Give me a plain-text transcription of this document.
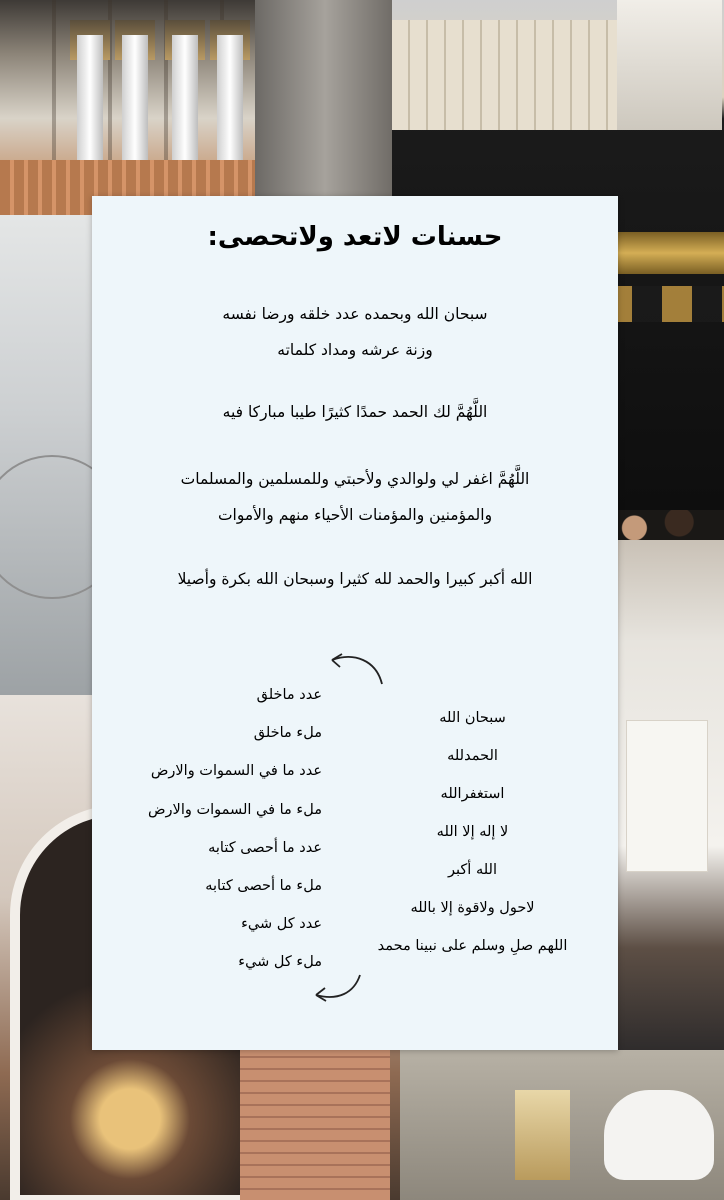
حسنات لاتعد ولاتحصى:
سبحان الله وبحمده عدد خلقه ورضا نفسه
وزنة عرشه ومداد كلماته
اللَّهُمَّ لك الحمد حمدًا كثيرًا طيبا مباركا فيه
اللَّهُمَّ اغفر لي ولوالدي ولأحبتي وللمسلمين والمسلمات
والمؤمنين والمؤمنات الأحياء منهم والأموات
الله أكبر كبيرا والحمد لله كثيرا وسبحان الله بكرة وأصيلا
عدد ماخلق
ملء ماخلق
عدد ما في السموات والارض
ملء ما في السموات والارض
عدد ما أحصى كتابه
ملء ما أحصى كتابه
عدد كل شيء
ملء كل شيء
سبحان الله
الحمدلله
استغفرالله
لا إله إلا الله
الله أكبر
لاحول ولاقوة إلا بالله
اللهم صلِ وسلم على نبينا محمد
